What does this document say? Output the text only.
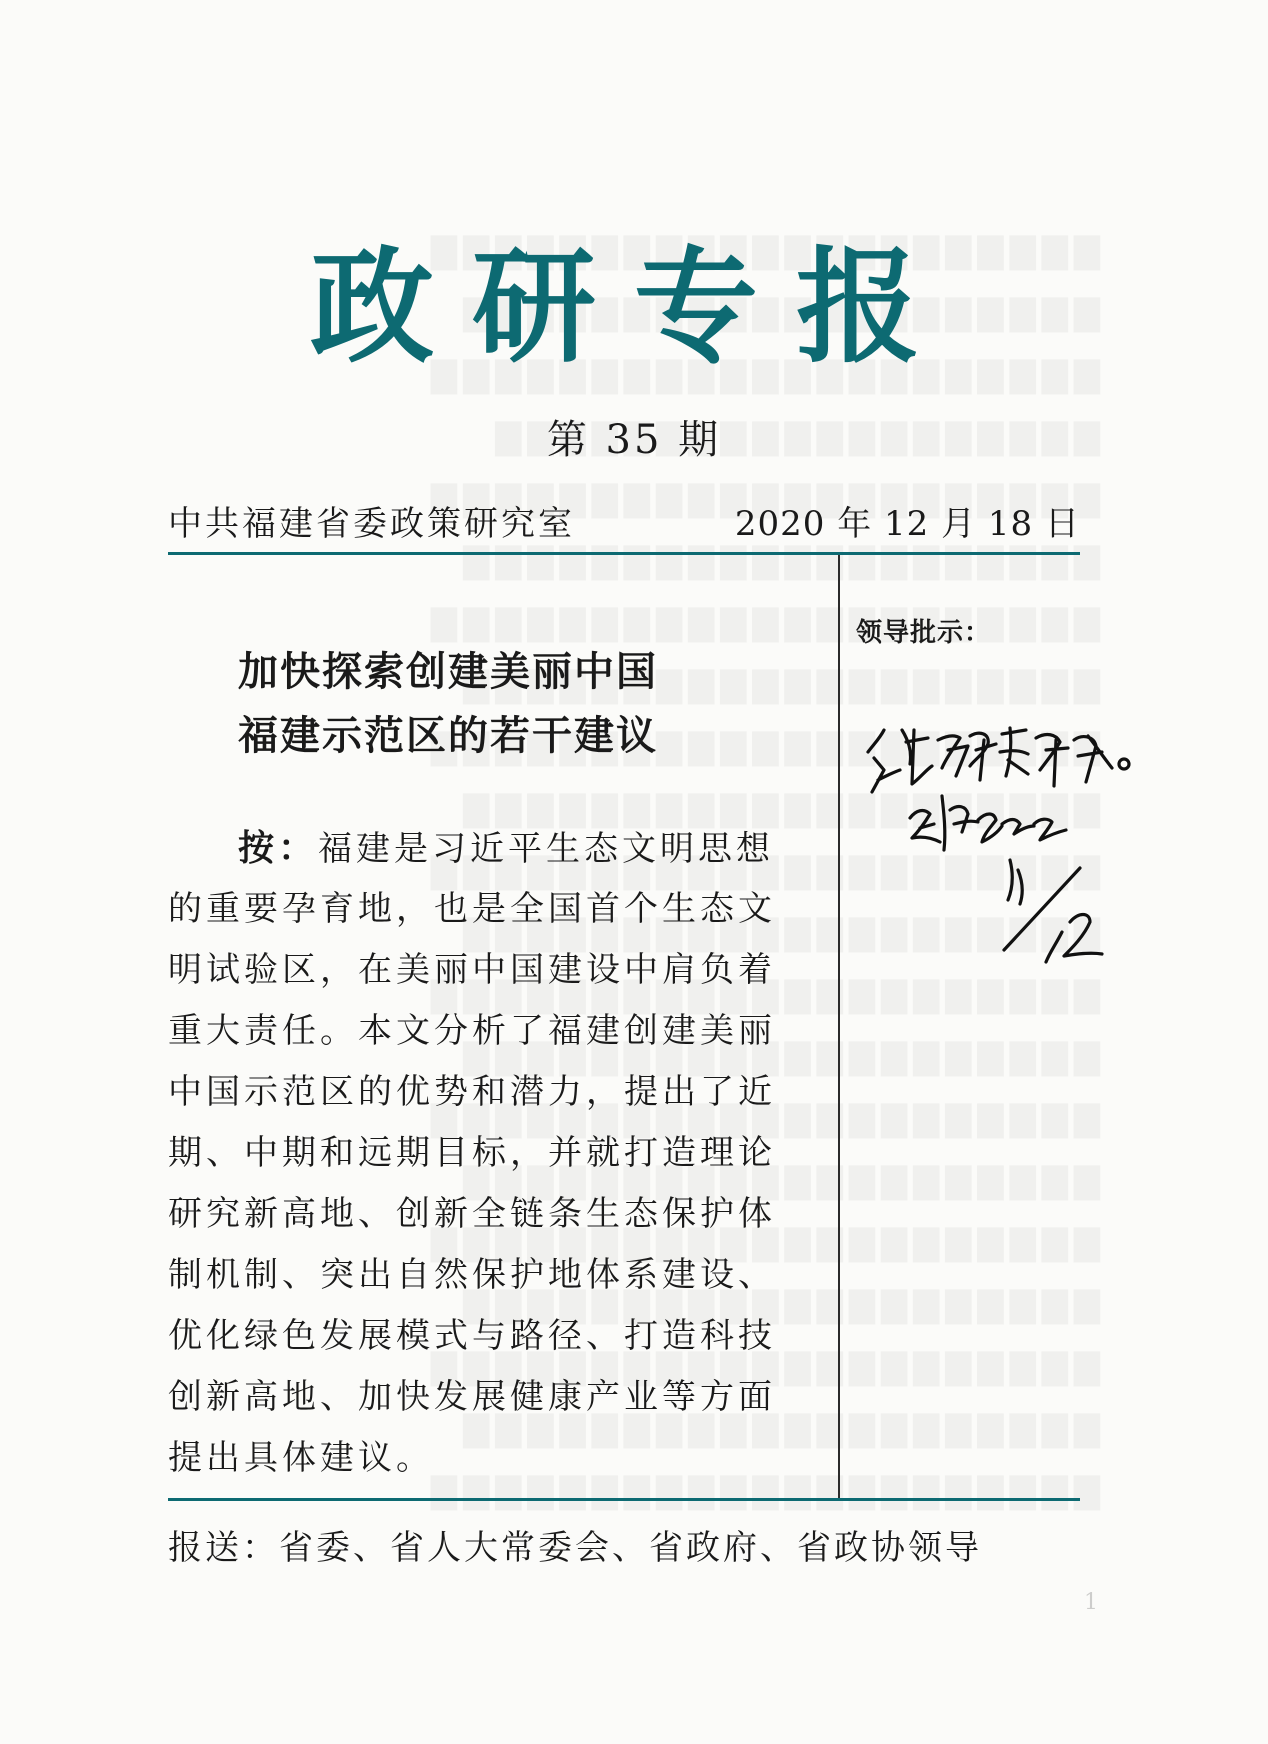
政研专报
第 35 期
中共福建省委政策研究室	2020 年 12 月 18 日
加快探索创建美丽中国
福建示范区的若干建议
按：福建是习近平生态文明思想
的重要孕育地，也是全国首个生态文
明试验区，在美丽中国建设中肩负着
重大责任。本文分析了福建创建美丽
中国示范区的优势和潜力，提出了近
期、中期和远期目标，并就打造理论
研究新高地、创新全链条生态保护体
制机制、突出自然保护地体系建设、
优化绿色发展模式与路径、打造科技
创新高地、加快发展健康产业等方面
提出具体建议。
领导批示：
报送：省委、省人大常委会、省政府、省政协领导
1
